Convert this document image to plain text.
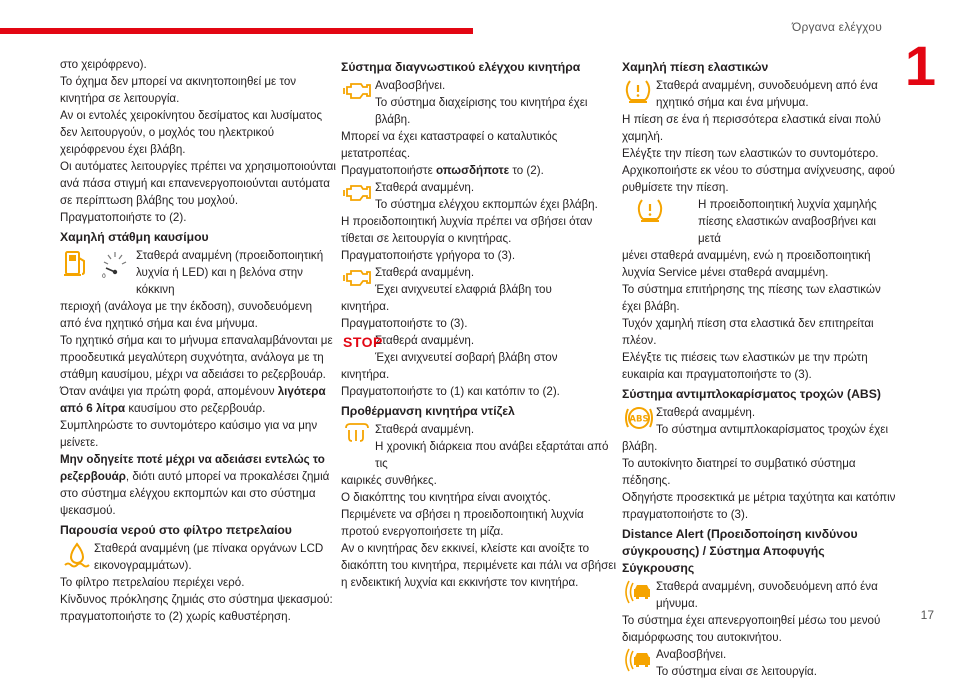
Όργανα ελέγχου
1
17

στο χειρόφρενο).

Το όχημα δεν μπορεί να ακινητοποιηθεί με τον κινητήρα σε λειτουργία.

Αν οι εντολές χειροκίνητου δεσίματος και λυσίματος δεν λειτουργούν, ο μοχλός του ηλεκτρικού χειρόφρενου έχει βλάβη.

Οι αυτόματες λειτουργίες πρέπει να χρησιμοποιούνται ανά πάσα στιγμή και επανενεργοποιούνται αυτόματα σε περίπτωση βλάβης του μοχλού.

Πραγματοποιήστε το (2).

Χαμηλή στάθμη καυσίμου
0

Σταθερά αναμμένη (προειδοποιητική

λυχνία ή LED) και η βελόνα στην κόκκινη

περιοχή (ανάλογα με την έκδοση), συνοδευόμενη από ένα ηχητικό σήμα και ένα μήνυμα.

Το ηχητικό σήμα και το μήνυμα επαναλαμβάνονται με προοδευτικά μεγαλύτερη συχνότητα, ανάλογα με τη στάθμη καυσίμου, μέχρι να αδειάσει το ρεζερβουάρ.

Όταν ανάψει για πρώτη φορά, απομένουν λιγότερα από 6 λίτρα καυσίμου στο ρεζερβουάρ.

Συμπληρώστε το συντομότερο καύσιμο για να μην μείνετε.

Μην οδηγείτε ποτέ μέχρι να αδειάσει εντελώς το ρεζερβουάρ, διότι αυτό μπορεί να προκαλέσει ζημιά στο σύστημα ελέγχου εκπομπών και στο σύστημα ψεκασμού.

Παρουσία νερού στο φίλτρο πετρελαίου

Σταθερά αναμμένη (με πίνακα οργάνων LCD

εικονογραμμάτων).

Το φίλτρο πετρελαίου περιέχει νερό.

Κίνδυνος πρόκλησης ζημιάς στο σύστημα ψεκασμού: πραγματοποιήστε το (2) χωρίς καθυστέρηση.

Σύστημα διαγνωστικού ελέγχου κινητήρα

Αναβοσβήνει.

Το σύστημα διαχείρισης του κινητήρα έχει βλάβη.

Μπορεί να έχει καταστραφεί ο καταλυτικός μετατροπέας.

Πραγματοποιήστε οπωσδήποτε το (2).

Σταθερά αναμμένη.

Το σύστημα ελέγχου εκπομπών έχει βλάβη.

Η προειδοποιητική λυχνία πρέπει να σβήσει όταν τίθεται σε λειτουργία ο κινητήρας.

Πραγματοποιήστε γρήγορα το (3).

Σταθερά αναμμένη.

Έχει ανιχνευτεί ελαφριά βλάβη του

κινητήρα.

Πραγματοποιήστε το (3).

STOP

Σταθερά αναμμένη.

Έχει ανιχνευτεί σοβαρή βλάβη στον

κινητήρα.

Πραγματοποιήστε το (1) και κατόπιν το (2).

Προθέρμανση κινητήρα ντίζελ

Σταθερά αναμμένη.

Η χρονική διάρκεια που ανάβει εξαρτάται από τις

καιρικές συνθήκες.

Ο διακόπτης του κινητήρα είναι ανοιχτός.

Περιμένετε να σβήσει η προειδοποιητική λυχνία προτού ενεργοποιήσετε τη μίζα.

Αν ο κινητήρας δεν εκκινεί, κλείστε και ανοίξτε το διακόπτη του κινητήρα, περιμένετε και πάλι να σβήσει η ενδεικτική λυχνία και εκκινήστε τον κινητήρα.

Χαμηλή πίεση ελαστικών

Σταθερά αναμμένη, συνοδευόμενη από ένα

ηχητικό σήμα και ένα μήνυμα.

Η πίεση σε ένα ή περισσότερα ελαστικά είναι πολύ χαμηλή.

Ελέγξτε την πίεση των ελαστικών το συντομότερο.

Αρχικοποιήστε εκ νέου το σύστημα ανίχνευσης, αφού ρυθμίσετε την πίεση.

Η προειδοποιητική λυχνία χαμηλής

πίεσης ελαστικών αναβοσβήνει και μετά

μένει σταθερά αναμμένη, ενώ η προειδοποιητική λυχνία Service μένει σταθερά αναμμένη.

Το σύστημα επιτήρησης της πίεσης των ελαστικών έχει βλάβη.

Τυχόν χαμηλή πίεση στα ελαστικά δεν επιτηρείται πλέον.

Ελέγξτε τις πιέσεις των ελαστικών με την πρώτη ευκαιρία και πραγματοποιήστε το (3).

Σύστημα αντιμπλοκαρίσματος τροχών (ABS)
ABS

Σταθερά αναμμένη.

Το σύστημα αντιμπλοκαρίσματος τροχών έχει

βλάβη.

Το αυτοκίνητο διατηρεί το συμβατικό σύστημα πέδησης.

Οδηγήστε προσεκτικά με μέτρια ταχύτητα και κατόπιν πραγματοποιήστε το (3).

Distance Alert (Προειδοποίηση κινδύνου σύγκρουσης) / Σύστημα Αποφυγής Σύγκρουσης

Σταθερά αναμμένη, συνοδευόμενη από ένα

μήνυμα.

Το σύστημα έχει απενεργοποιηθεί μέσω του μενού διαμόρφωσης του αυτοκινήτου.

Αναβοσβήνει.

Το σύστημα είναι σε λειτουργία.
